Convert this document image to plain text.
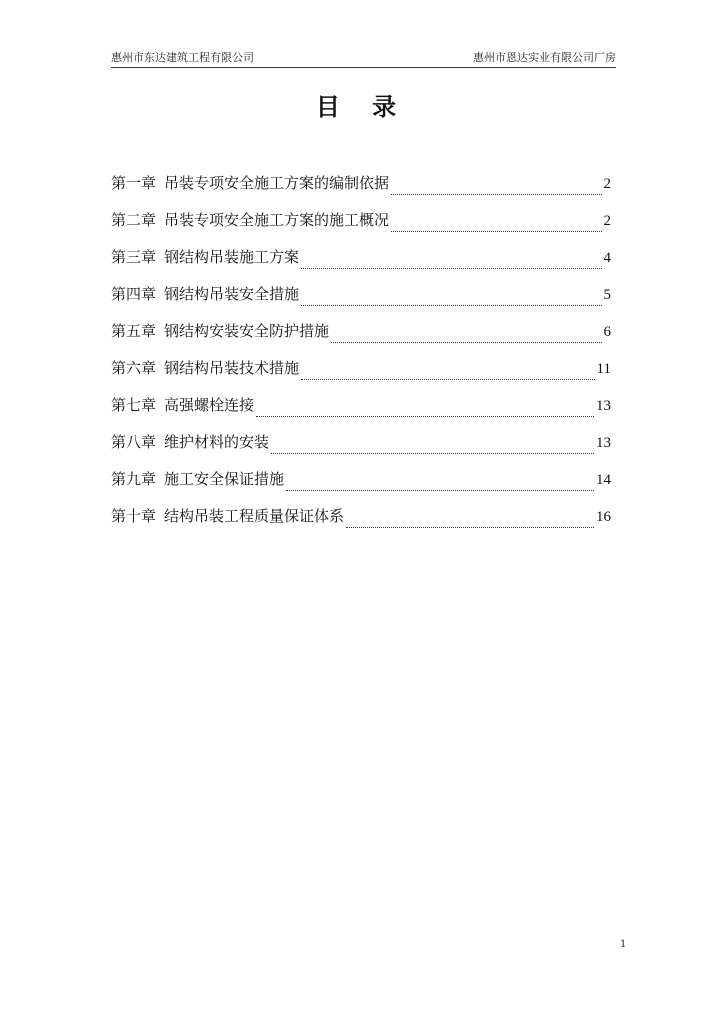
惠州市东达建筑工程有限公司	惠州市恩达实业有限公司厂房
目 录
第一章 吊装专项安全施工方案的编制依据	2
第二章 吊装专项安全施工方案的施工概况	2
第三章 钢结构吊装施工方案	4
第四章 钢结构吊装安全措施	5
第五章 钢结构安装安全防护措施	6
第六章 钢结构吊装技术措施	11
第七章 高强螺栓连接	13
第八章 维护材料的安装	13
第九章 施工安全保证措施	14
第十章 结构吊装工程质量保证体系	16
1
